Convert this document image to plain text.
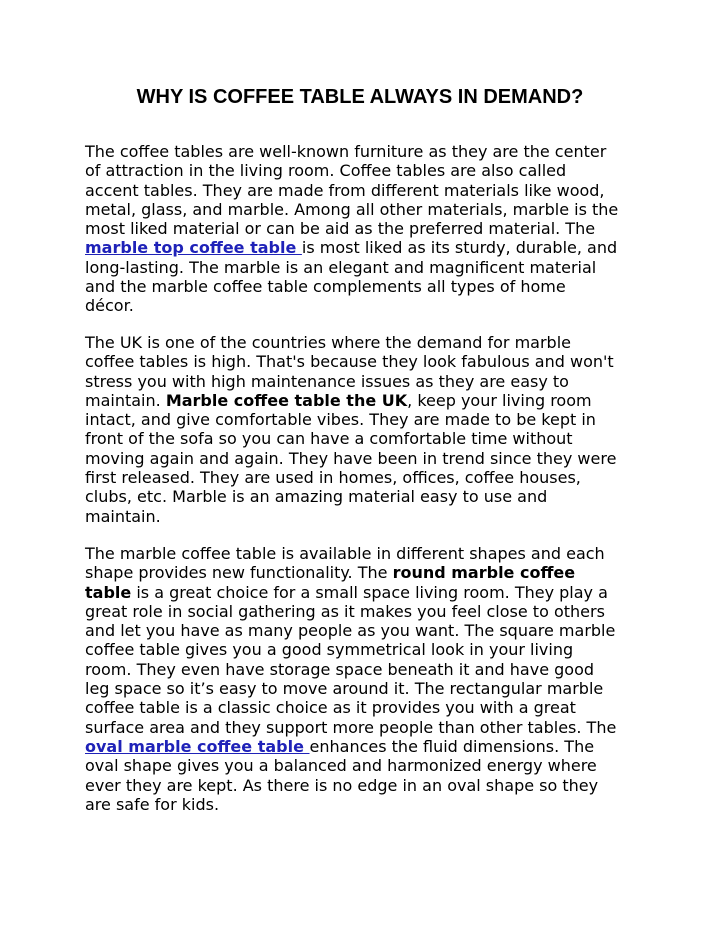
WHY IS COFFEE TABLE ALWAYS IN DEMAND?

The coffee tables are well-known furniture as they are the center
of attraction in the living room. Coffee tables are also called
accent tables. They are made from different materials like wood,
metal, glass, and marble. Among all other materials, marble is the
most liked material or can be aid as the preferred material. The
marble top coffee table is most liked as its sturdy, durable, and
long-lasting. The marble is an elegant and magnificent material
and the marble coffee table complements all types of home
décor.

The UK is one of the countries where the demand for marble
coffee tables is high. That's because they look fabulous and won't
stress you with high maintenance issues as they are easy to
maintain. Marble coffee table the UK, keep your living room
intact, and give comfortable vibes. They are made to be kept in
front of the sofa so you can have a comfortable time without
moving again and again. They have been in trend since they were
first released. They are used in homes, offices, coffee houses,
clubs, etc. Marble is an amazing material easy to use and
maintain.

The marble coffee table is available in different shapes and each
shape provides new functionality. The round marble coffee
table is a great choice for a small space living room. They play a
great role in social gathering as it makes you feel close to others
and let you have as many people as you want. The square marble
coffee table gives you a good symmetrical look in your living
room. They even have storage space beneath it and have good
leg space so it’s easy to move around it. The rectangular marble
coffee table is a classic choice as it provides you with a great
surface area and they support more people than other tables. The
oval marble coffee table enhances the fluid dimensions. The
oval shape gives you a balanced and harmonized energy where
ever they are kept. As there is no edge in an oval shape so they
are safe for kids.
